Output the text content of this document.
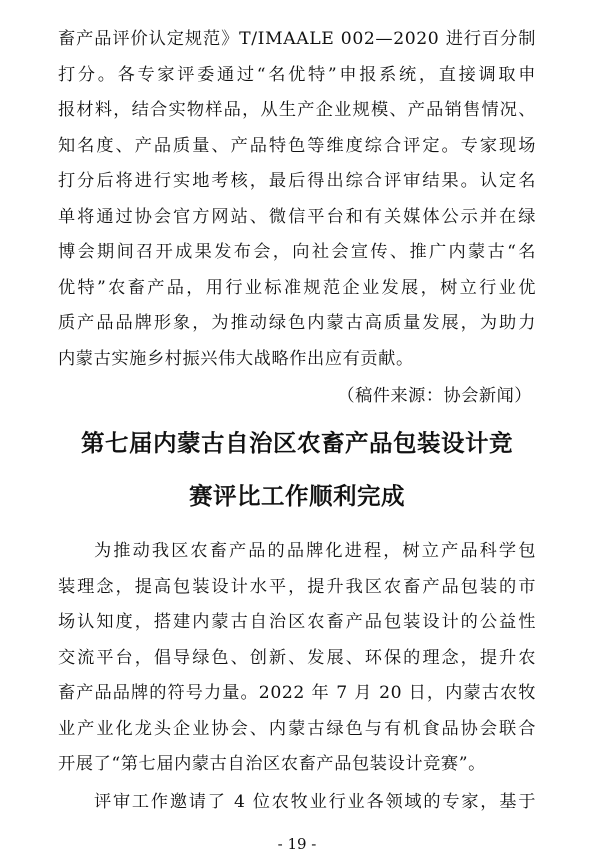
畜产品评价认定规范》T/IMAALE 002—2020 进行百分制
打分。各专家评委通过“名优特”申报系统，直接调取申
报材料，结合实物样品，从生产企业规模、产品销售情况、
知名度、产品质量、产品特色等维度综合评定。专家现场
打分后将进行实地考核，最后得出综合评审结果。认定名
单将通过协会官方网站、微信平台和有关媒体公示并在绿
博会期间召开成果发布会，向社会宣传、推广内蒙古“名
优特”农畜产品，用行业标准规范企业发展，树立行业优
质产品品牌形象，为推动绿色内蒙古高质量发展，为助力
内蒙古实施乡村振兴伟大战略作出应有贡献。

（稿件来源：协会新闻）

第七届内蒙古自治区农畜产品包装设计竞
赛评比工作顺利完成
为推动我区农畜产品的品牌化进程，树立产品科学包
装理念，提高包装设计水平，提升我区农畜产品包装的市
场认知度，搭建内蒙古自治区农畜产品包装设计的公益性
交流平台，倡导绿色、创新、发展、环保的理念，提升农
畜产品品牌的符号力量。2022 年 7 月 20 日，内蒙古农牧
业产业化龙头企业协会、内蒙古绿色与有机食品协会联合
开展了“第七届内蒙古自治区农畜产品包装设计竞赛”。
评审工作邀请了 4 位农牧业行业各领域的专家，基于

- 19 -
